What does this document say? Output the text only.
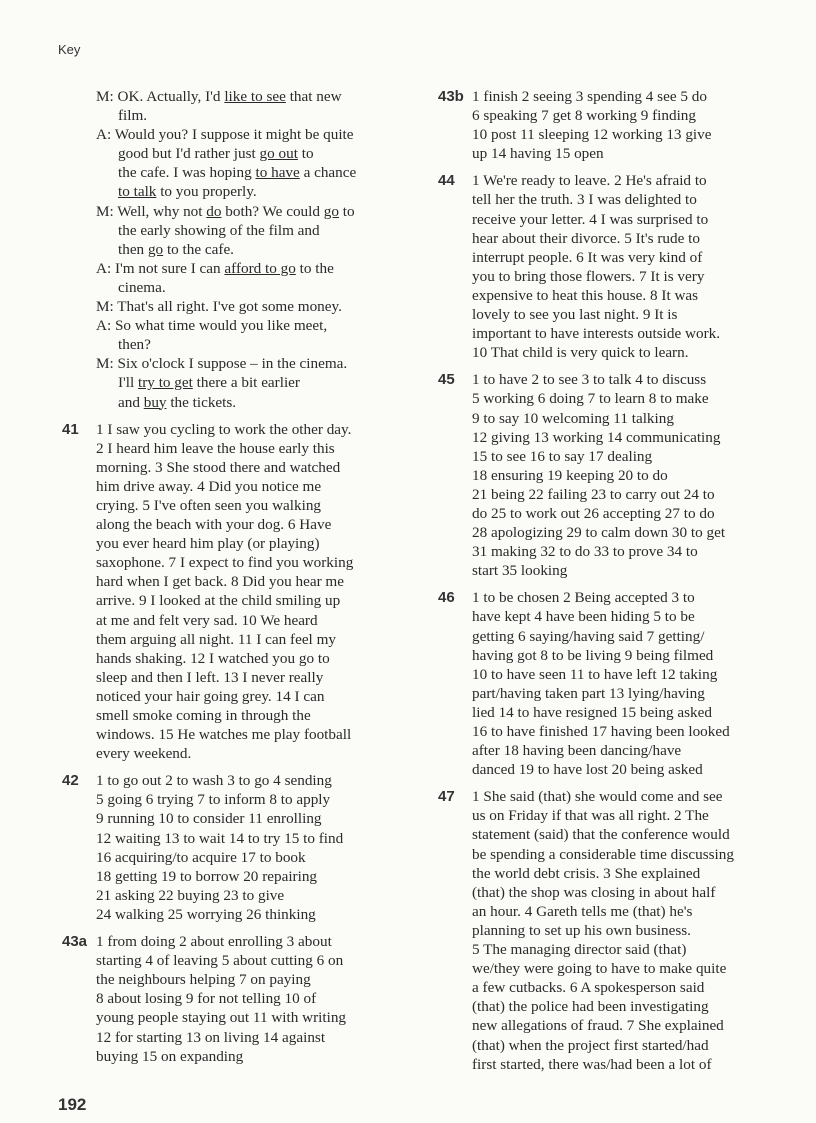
Key
M: OK. Actually, I'd like to see that new
film.
A: Would you? I suppose it might be quite
good but I'd rather just go out to
the cafe. I was hoping to have a chance
to talk to you properly.
M: Well, why not do both? We could go to
the early showing of the film and
then go to the cafe.
A: I'm not sure I can afford to go to the
cinema.
M: That's all right. I've got some money.
A: So what time would you like meet,
then?
M: Six o'clock I suppose – in the cinema.
I'll try to get there a bit earlier
and buy the tickets.
41 1 I saw you cycling to work the other day.
2 I heard him leave the house early this
morning. 3 She stood there and watched
him drive away. 4 Did you notice me
crying. 5 I've often seen you walking
along the beach with your dog. 6 Have
you ever heard him play (or playing)
saxophone. 7 I expect to find you working
hard when I get back. 8 Did you hear me
arrive. 9 I looked at the child smiling up
at me and felt very sad. 10 We heard
them arguing all night. 11 I can feel my
hands shaking. 12 I watched you go to
sleep and then I left. 13 I never really
noticed your hair going grey. 14 I can
smell smoke coming in through the
windows. 15 He watches me play football
every weekend.
42 1 to go out 2 to wash 3 to go 4 sending
5 going 6 trying 7 to inform 8 to apply
9 running 10 to consider 11 enrolling
12 waiting 13 to wait 14 to try 15 to find
16 acquiring/to acquire 17 to book
18 getting 19 to borrow 20 repairing
21 asking 22 buying 23 to give
24 walking 25 worrying 26 thinking
43a 1 from doing 2 about enrolling 3 about
starting 4 of leaving 5 about cutting 6 on
the neighbours helping 7 on paying
8 about losing 9 for not telling 10 of
young people staying out 11 with writing
12 for starting 13 on living 14 against
buying 15 on expanding
43b 1 finish 2 seeing 3 spending 4 see 5 do
6 speaking 7 get 8 working 9 finding
10 post 11 sleeping 12 working 13 give
up 14 having 15 open
44 1 We're ready to leave. 2 He's afraid to
tell her the truth. 3 I was delighted to
receive your letter. 4 I was surprised to
hear about their divorce. 5 It's rude to
interrupt people. 6 It was very kind of
you to bring those flowers. 7 It is very
expensive to heat this house. 8 It was
lovely to see you last night. 9 It is
important to have interests outside work.
10 That child is very quick to learn.
45 1 to have 2 to see 3 to talk 4 to discuss
5 working 6 doing 7 to learn 8 to make
9 to say 10 welcoming 11 talking
12 giving 13 working 14 communicating
15 to see 16 to say 17 dealing
18 ensuring 19 keeping 20 to do
21 being 22 failing 23 to carry out 24 to
do 25 to work out 26 accepting 27 to do
28 apologizing 29 to calm down 30 to get
31 making 32 to do 33 to prove 34 to
start 35 looking
46 1 to be chosen 2 Being accepted 3 to
have kept 4 have been hiding 5 to be
getting 6 saying/having said 7 getting/
having got 8 to be living 9 being filmed
10 to have seen 11 to have left 12 taking
part/having taken part 13 lying/having
lied 14 to have resigned 15 being asked
16 to have finished 17 having been looked
after 18 having been dancing/have
danced 19 to have lost 20 being asked
47 1 She said (that) she would come and see
us on Friday if that was all right. 2 The
statement (said) that the conference would
be spending a considerable time discussing
the world debt crisis. 3 She explained
(that) the shop was closing in about half
an hour. 4 Gareth tells me (that) he's
planning to set up his own business.
5 The managing director said (that)
we/they were going to have to make quite
a few cutbacks. 6 A spokesperson said
(that) the police had been investigating
new allegations of fraud. 7 She explained
(that) when the project first started/had
first started, there was/had been a lot of
192
